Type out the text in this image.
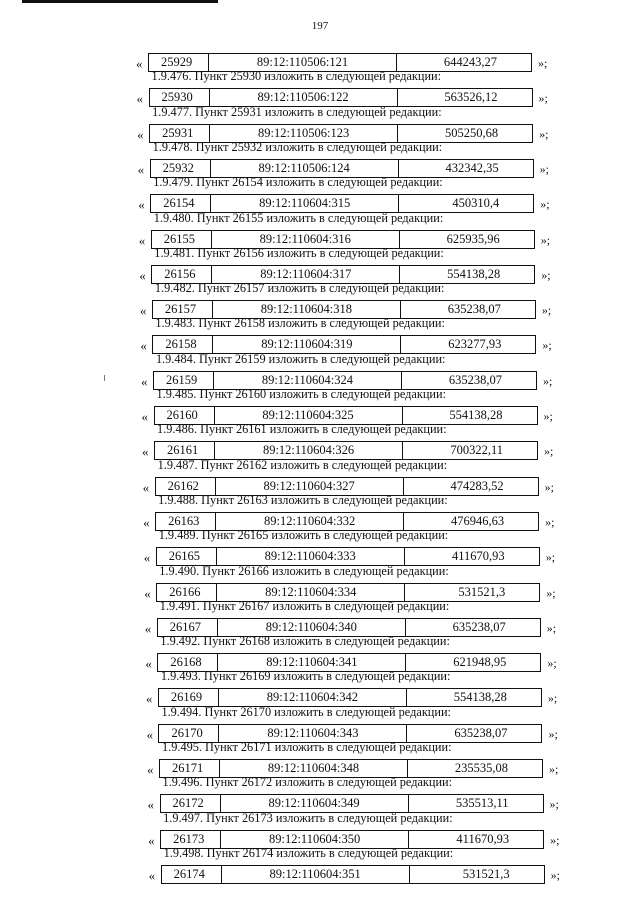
197
«	25929	89:12:110506:121	644243,27	»;
1.9.476. Пункт 25930 изложить в следующей редакции:
«	25930	89:12:110506:122	563526,12	»;
1.9.477. Пункт 25931 изложить в следующей редакции:
«	25931	89:12:110506:123	505250,68	»;
1.9.478. Пункт 25932 изложить в следующей редакции:
«	25932	89:12:110506:124	432342,35	»;
1.9.479. Пункт 26154 изложить в следующей редакции:
«	26154	89:12:110604:315	450310,4	»;
1.9.480. Пункт 26155 изложить в следующей редакции:
«	26155	89:12:110604:316	625935,96	»;
1.9.481. Пункт 26156 изложить в следующей редакции:
«	26156	89:12:110604:317	554138,28	»;
1.9.482. Пункт 26157 изложить в следующей редакции:
«	26157	89:12:110604:318	635238,07	»;
1.9.483. Пункт 26158 изложить в следующей редакции:
«	26158	89:12:110604:319	623277,93	»;
1.9.484. Пункт 26159 изложить в следующей редакции:
«	26159	89:12:110604:324	635238,07	»;
1.9.485. Пункт 26160 изложить в следующей редакции:
«	26160	89:12:110604:325	554138,28	»;
1.9.486. Пункт 26161 изложить в следующей редакции:
«	26161	89:12:110604:326	700322,11	»;
1.9.487. Пункт 26162 изложить в следующей редакции:
«	26162	89:12:110604:327	474283,52	»;
1.9.488. Пункт 26163 изложить в следующей редакции:
«	26163	89:12:110604:332	476946,63	»;
1.9.489. Пункт 26165 изложить в следующей редакции:
«	26165	89:12:110604:333	411670,93	»;
1.9.490. Пункт 26166 изложить в следующей редакции:
«	26166	89:12:110604:334	531521,3	»;
1.9.491. Пункт 26167 изложить в следующей редакции:
«	26167	89:12:110604:340	635238,07	»;
1.9.492. Пункт 26168 изложить в следующей редакции:
«	26168	89:12:110604:341	621948,95	»;
1.9.493. Пункт 26169 изложить в следующей редакции:
«	26169	89:12:110604:342	554138,28	»;
1.9.494. Пункт 26170 изложить в следующей редакции:
«	26170	89:12:110604:343	635238,07	»;
1.9.495. Пункт 26171 изложить в следующей редакции:
«	26171	89:12:110604:348	235535,08	»;
1.9.496. Пункт 26172 изложить в следующей редакции:
«	26172	89:12:110604:349	535513,11	»;
1.9.497. Пункт 26173 изложить в следующей редакции:
«	26173	89:12:110604:350	411670,93	»;
1.9.498. Пункт 26174 изложить в следующей редакции:
«	26174	89:12:110604:351	531521,3	»;
